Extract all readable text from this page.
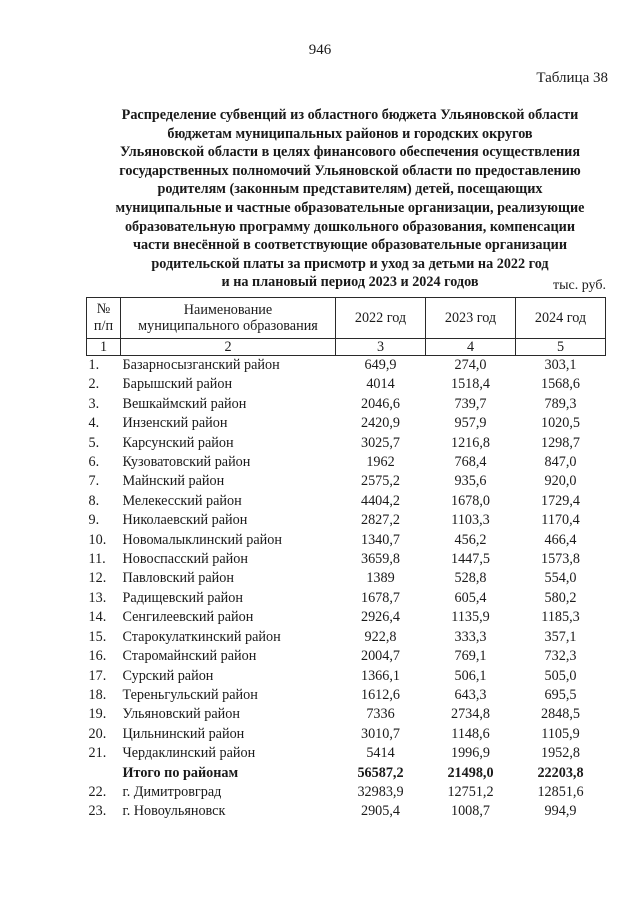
946
Таблица 38
Распределение субвенций из областного бюджета Ульяновской области
бюджетам муниципальных районов и городских округов
Ульяновской области в целях финансового обеспечения осуществления
государственных полномочий Ульяновской области по предоставлению
родителям (законным представителям) детей, посещающих
муниципальные и частные образовательные организации, реализующие
образовательную программу дошкольного образования, компенсации
части внесённой в соответствующие образовательные организации
родительской платы за присмотр и уход за детьми на 2022 год
и на плановый период 2023 и 2024 годов	тыс. руб.
№
п/п	Наименование
муниципального образования	2022 год	2023 год	2024 год
1	2	3	4	5
1.	Базарносызганский район	649,9	274,0	303,1
2.	Барышский район	4014	1518,4	1568,6
3.	Вешкаймский район	2046,6	739,7	789,3
4.	Инзенский район	2420,9	957,9	1020,5
5.	Карсунский район	3025,7	1216,8	1298,7
6.	Кузоватовский район	1962	768,4	847,0
7.	Майнский район	2575,2	935,6	920,0
8.	Мелекесский район	4404,2	1678,0	1729,4
9.	Николаевский район	2827,2	1103,3	1170,4
10.	Новомалыклинский район	1340,7	456,2	466,4
11.	Новоспасский район	3659,8	1447,5	1573,8
12.	Павловский район	1389	528,8	554,0
13.	Радищевский район	1678,7	605,4	580,2
14.	Сенгилеевский район	2926,4	1135,9	1185,3
15.	Старокулаткинский район	922,8	333,3	357,1
16.	Старомайнский район	2004,7	769,1	732,3
17.	Сурский район	1366,1	506,1	505,0
18.	Тереньгульский район	1612,6	643,3	695,5
19.	Ульяновский район	7336	2734,8	2848,5
20.	Цильнинский район	3010,7	1148,6	1105,9
21.	Чердаклинский район	5414	1996,9	1952,8
	Итого по районам	56587,2	21498,0	22203,8
22.	г. Димитровград	32983,9	12751,2	12851,6
23.	г. Новоульяновск	2905,4	1008,7	994,9
